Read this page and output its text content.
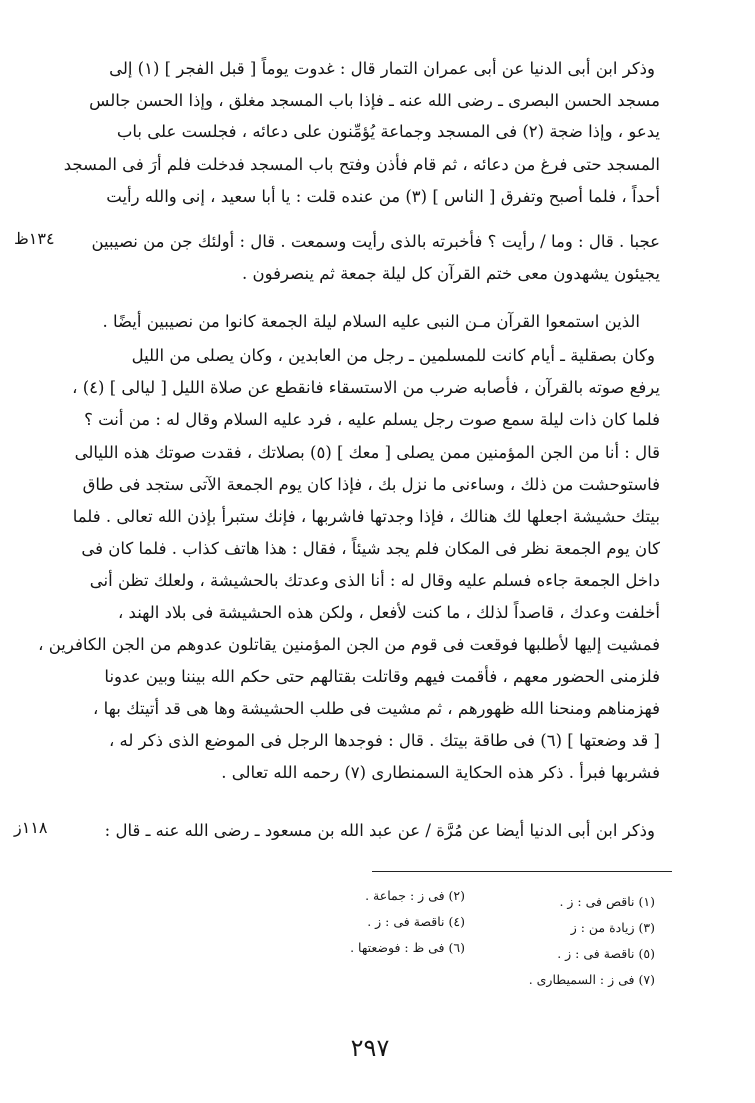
وذكر ابن أبى الدنيا عن أبى عمران التمار قال : غدوت يوماً [ قبل الفجر ] (١) إلى
مسجد الحسن البصرى ـ رضى الله عنه ـ فإذا باب المسجد مغلق ، وإذا الحسن جالس
يدعو ، وإذا ضجة (٢) فى المسجد وجماعة يُؤمِّنون على دعائه ، فجلست على باب
المسجد حتى فرغ من دعائه ، ثم قام فأذن وفتح باب المسجد فدخلت فلم أرَ فى المسجد
أحداً ، فلما أصبح وتفرق [ الناس ] (٣) من عنده قلت : يا أبا سعيد ، إنى والله رأيت
عجبا . قال : وما / رأيت ؟ فأخبرته بالذى رأيت وسمعت . قال : أولئك جن من نصيبين
١٣٤ظ
يجيئون يشهدون معى ختم القرآن كل ليلة جمعة ثم ينصرفون .
الذين استمعوا القرآن مـن النبى عليه السلام ليلة الجمعة كانوا من نصيبين أيضًا .
وكان بصقلية ـ أيام كانت للمسلمين ـ رجل من العابدين ، وكان يصلى من الليل
يرفع صوته بالقرآن ، فأصابه ضرب من الاستسقاء فانقطع عن صلاة الليل [ ليالى ] (٤) ،
فلما كان ذات ليلة سمع صوت رجل يسلم عليه ، فرد عليه السلام وقال له : من أنت ؟
قال : أنا من الجن المؤمنين ممن يصلى [ معك ] (٥) بصلاتك ، فقدت صوتك هذه الليالى
فاستوحشت من ذلك ، وساءنى ما نزل بك ، فإذا كان يوم الجمعة الآتى ستجد فى طاق
بيتك حشيشة اجعلها لك هنالك ، فإذا وجدتها فاشربها ، فإنك ستبرأ بإذن الله تعالى . فلما
كان يوم الجمعة نظر فى المكان فلم يجد شيئاً ، فقال : هذا هاتف كذاب . فلما كان فى
داخل الجمعة جاءه فسلم عليه وقال له : أنا الذى وعدتك بالحشيشة ، ولعلك تظن أنى
أخلفت وعدك ، قاصداً لذلك ، ما كنت لأفعل ، ولكن هذه الحشيشة فى بلاد الهند ،
فمشيت إليها لأطلبها فوقعت فى قوم من الجن المؤمنين يقاتلون عدوهم من الجن الكافرين ،
فلزمنى الحضور معهم ، فأقمت فيهم وقاتلت بقتالهم حتى حكم الله بيننا وبين عدونا
فهزمناهم ومنحنا الله ظهورهم ، ثم مشيت فى طلب الحشيشة وها هى قد أتيتك بها ،
[ قد وضعتها ] (٦) فى طاقة بيتك . قال : فوجدها الرجل فى الموضع الذى ذكر له ،
فشربها فبرأ . ذكر هذه الحكاية السمنطارى (٧) رحمه الله تعالى .
وذكر ابن أبى الدنيا أيضا عن مُرَّة / عن عبد الله بن مسعود ـ رضى الله عنه ـ قال :
١١٨ز
(١) ناقص فى : ز .
(٢) فى ز : جماعة .
(٣) زيادة من : ز
(٤) ناقصة فى : ز .
(٥) ناقصة فى : ز .
(٦) فى ظ : فوضعتها .
(٧) فى ز : السميطارى .
٢٩٧
